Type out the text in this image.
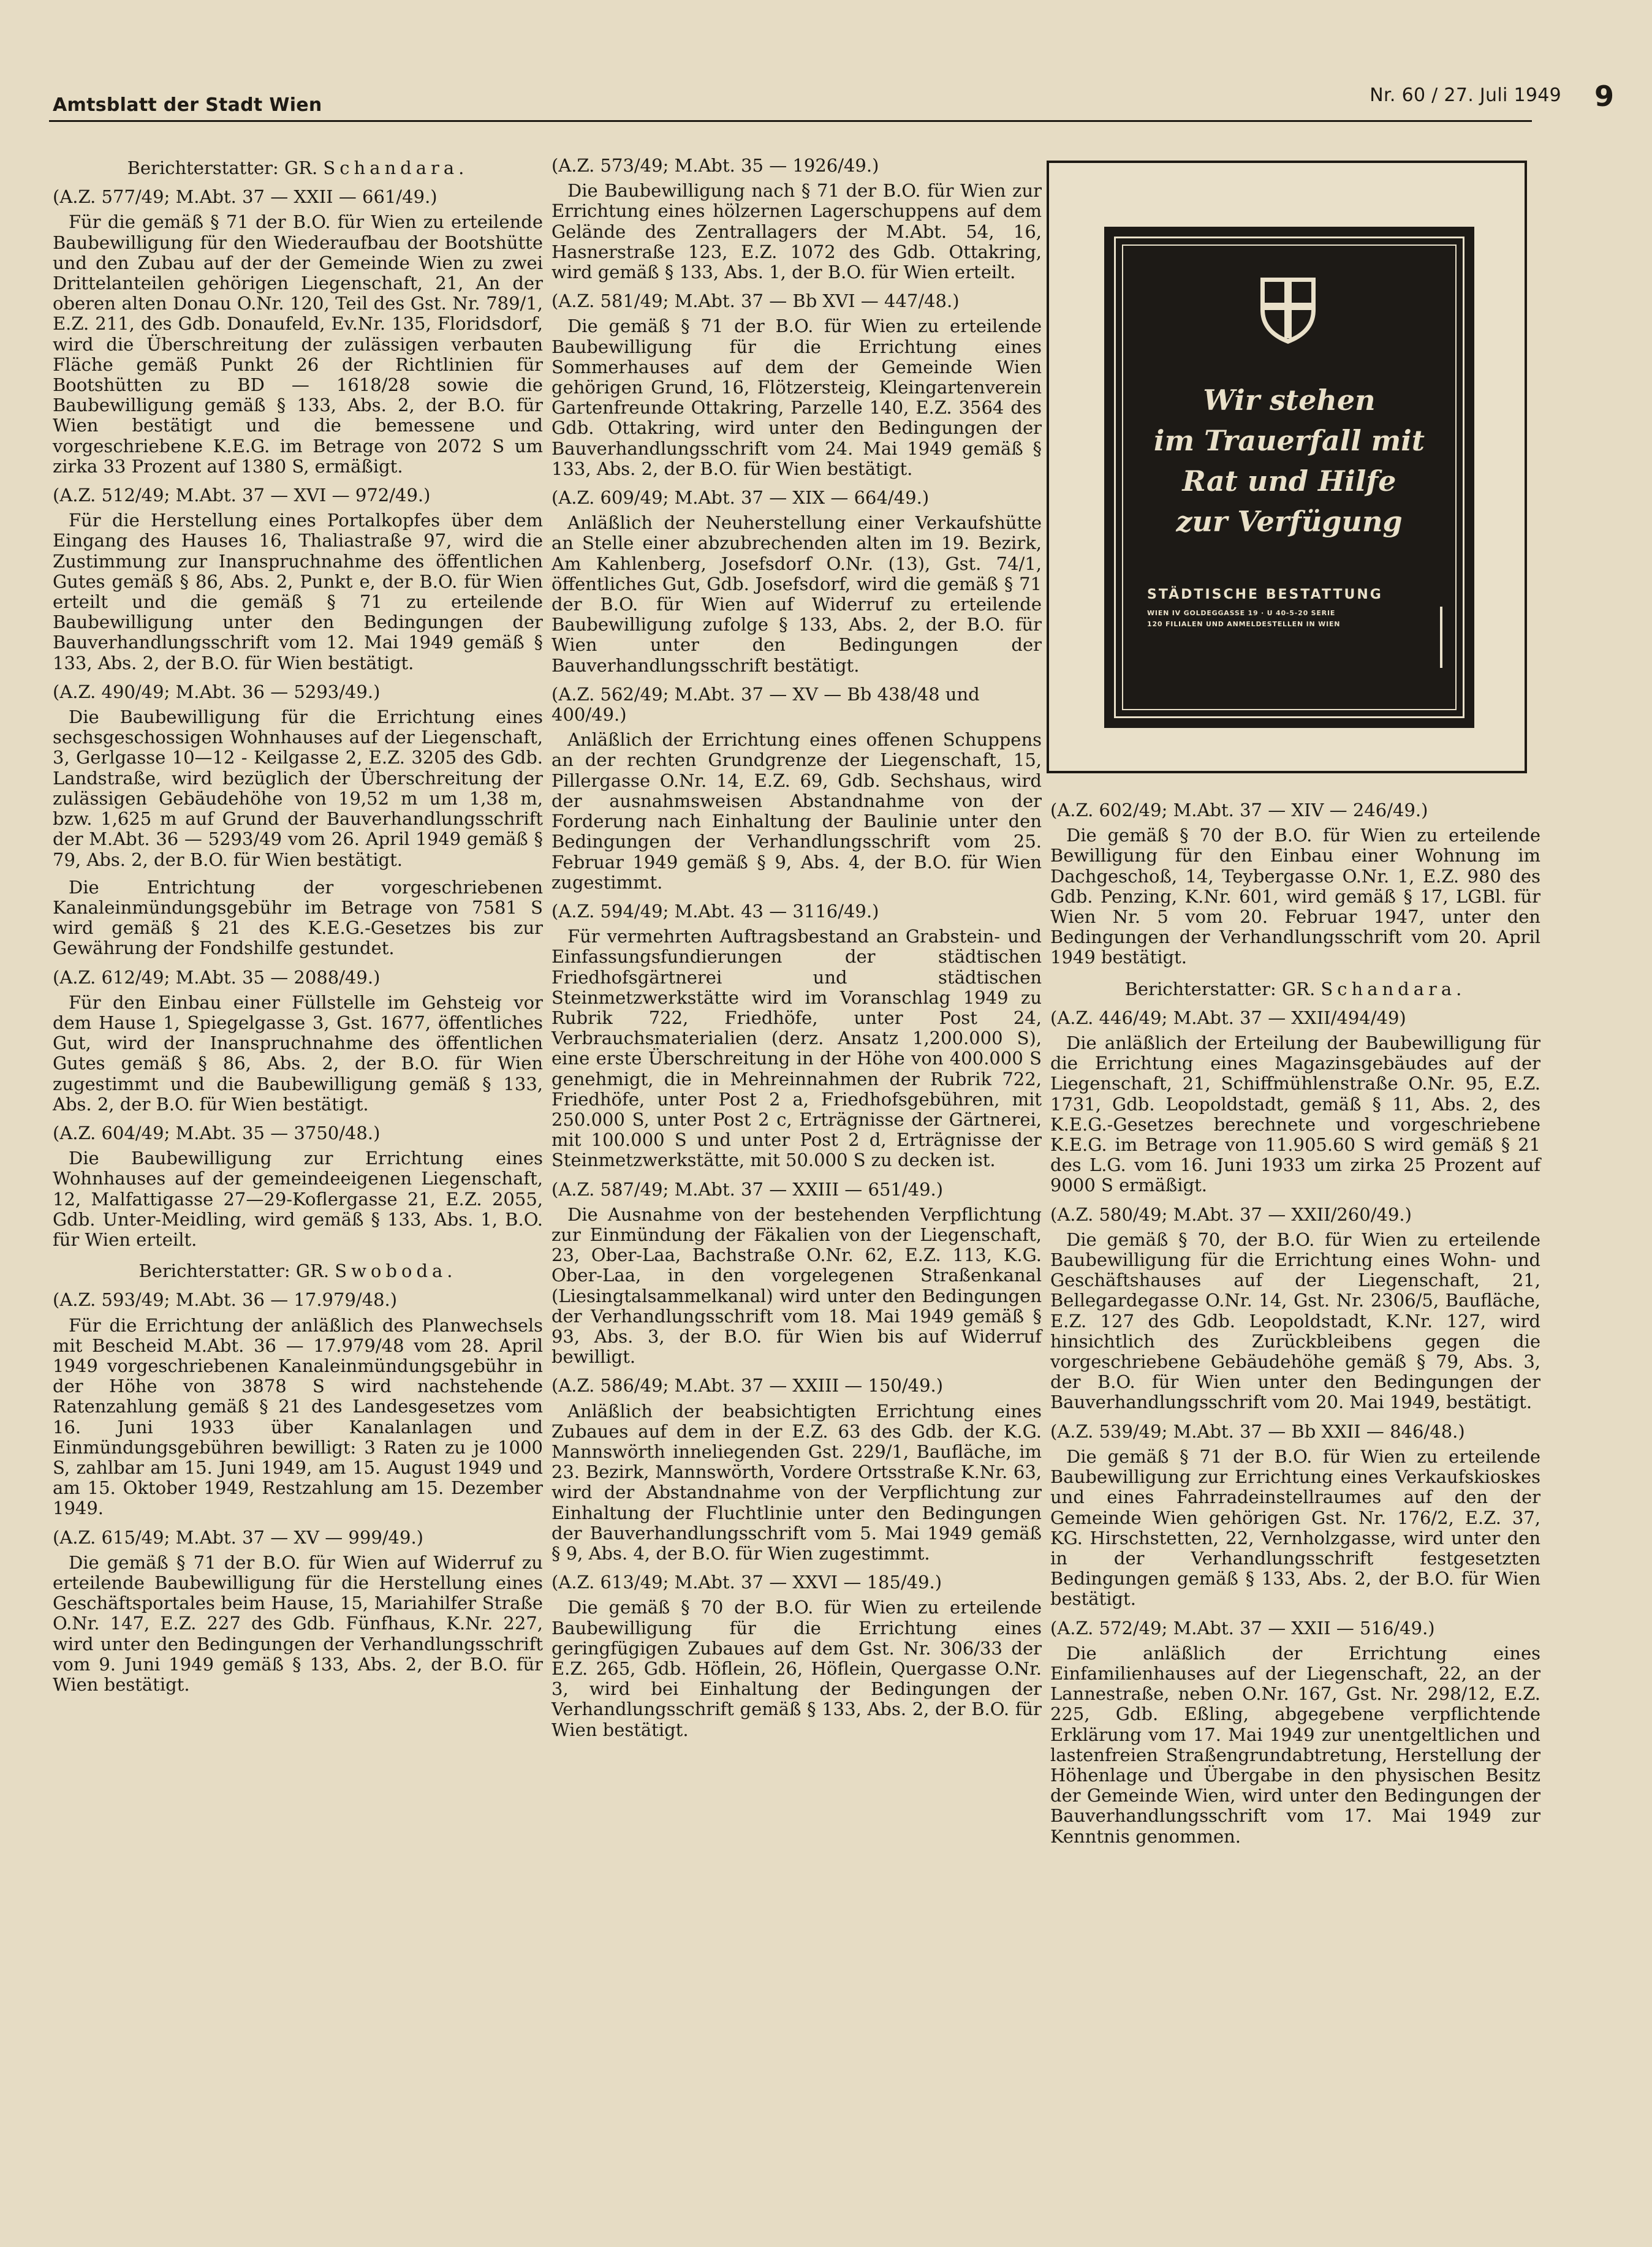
Amtsblatt der Stadt Wien	Nr. 60 / 27. Juli 1949 9

Berichterstatter: GR. Schandara.

(A.Z. 577/49; M.Abt. 37 — XXII — 661/49.)

Für die gemäß § 71 der B.O. für Wien zu erteilende Baubewilligung für den Wiederaufbau der Bootshütte und den Zubau auf der der Gemeinde Wien zu zwei Drittelanteilen gehörigen Liegenschaft, 21, An der oberen alten Donau O.Nr. 120, Teil des Gst. Nr. 789/1, E.Z. 211, des Gdb. Donaufeld, Ev.Nr. 135, Floridsdorf, wird die Überschreitung der zulässigen verbauten Fläche gemäß Punkt 26 der Richtlinien für Bootshütten zu BD — 1618/28 sowie die Baubewilligung gemäß § 133, Abs. 2, der B.O. für Wien bestätigt und die bemessene und vorgeschriebene K.E.G. im Betrage von 2072 S um zirka 33 Prozent auf 1380 S, ermäßigt.

(A.Z. 512/49; M.Abt. 37 — XVI — 972/49.)

Für die Herstellung eines Portalkopfes über dem Eingang des Hauses 16, Thaliastraße 97, wird die Zustimmung zur Inanspruchnahme des öffentlichen Gutes gemäß § 86, Abs. 2, Punkt e, der B.O. für Wien erteilt und die gemäß § 71 zu erteilende Baubewilligung unter den Bedingungen der Bauverhandlungsschrift vom 12. Mai 1949 gemäß § 133, Abs. 2, der B.O. für Wien bestätigt.

(A.Z. 490/49; M.Abt. 36 — 5293/49.)

Die Baubewilligung für die Errichtung eines sechsgeschossigen Wohnhauses auf der Liegenschaft, 3, Gerlgasse 10—12 - Keilgasse 2, E.Z. 3205 des Gdb. Landstraße, wird bezüglich der Überschreitung der zulässigen Gebäudehöhe von 19,52 m um 1,38 m, bzw. 1,625 m auf Grund der Bauverhandlungsschrift der M.Abt. 36 — 5293/49 vom 26. April 1949 gemäß § 79, Abs. 2, der B.O. für Wien bestätigt.

Die Entrichtung der vorgeschriebenen Kanaleinmündungsgebühr im Betrage von 7581 S wird gemäß § 21 des K.E.G.-Gesetzes bis zur Gewährung der Fondshilfe gestundet.

(A.Z. 612/49; M.Abt. 35 — 2088/49.)

Für den Einbau einer Füllstelle im Gehsteig vor dem Hause 1, Spiegelgasse 3, Gst. 1677, öffentliches Gut, wird der Inanspruchnahme des öffentlichen Gutes gemäß § 86, Abs. 2, der B.O. für Wien zugestimmt und die Baubewilligung gemäß § 133, Abs. 2, der B.O. für Wien bestätigt.

(A.Z. 604/49; M.Abt. 35 — 3750/48.)

Die Baubewilligung zur Errichtung eines Wohnhauses auf der gemeindeeigenen Liegenschaft, 12, Malfattigasse 27—29-Koflergasse 21, E.Z. 2055, Gdb. Unter-Meidling, wird gemäß § 133, Abs. 1, B.O. für Wien erteilt.

Berichterstatter: GR. Swoboda.

(A.Z. 593/49; M.Abt. 36 — 17.979/48.)

Für die Errichtung der anläßlich des Planwechsels mit Bescheid M.Abt. 36 — 17.979/48 vom 28. April 1949 vorgeschriebenen Kanaleinmündungsgebühr in der Höhe von 3878 S wird nachstehende Ratenzahlung gemäß § 21 des Landesgesetzes vom 16. Juni 1933 über Kanalanlagen und Einmündungsgebühren bewilligt: 3 Raten zu je 1000 S, zahlbar am 15. Juni 1949, am 15. August 1949 und am 15. Oktober 1949, Restzahlung am 15. Dezember 1949.

(A.Z. 615/49; M.Abt. 37 — XV — 999/49.)

Die gemäß § 71 der B.O. für Wien auf Widerruf zu erteilende Baubewilligung für die Herstellung eines Geschäftsportales beim Hause, 15, Mariahilfer Straße O.Nr. 147, E.Z. 227 des Gdb. Fünfhaus, K.Nr. 227, wird unter den Bedingungen der Verhandlungsschrift vom 9. Juni 1949 gemäß § 133, Abs. 2, der B.O. für Wien bestätigt.

(A.Z. 573/49; M.Abt. 35 — 1926/49.)

Die Baubewilligung nach § 71 der B.O. für Wien zur Errichtung eines hölzernen Lagerschuppens auf dem Gelände des Zentrallagers der M.Abt. 54, 16, Hasnerstraße 123, E.Z. 1072 des Gdb. Ottakring, wird gemäß § 133, Abs. 1, der B.O. für Wien erteilt.

(A.Z. 581/49; M.Abt. 37 — Bb XVI — 447/48.)

Die gemäß § 71 der B.O. für Wien zu erteilende Baubewilligung für die Errichtung eines Sommerhauses auf dem der Gemeinde Wien gehörigen Grund, 16, Flötzersteig, Kleingartenverein Gartenfreunde Ottakring, Parzelle 140, E.Z. 3564 des Gdb. Ottakring, wird unter den Bedingungen der Bauverhandlungsschrift vom 24. Mai 1949 gemäß § 133, Abs. 2, der B.O. für Wien bestätigt.

(A.Z. 609/49; M.Abt. 37 — XIX — 664/49.)

Anläßlich der Neuherstellung einer Verkaufshütte an Stelle einer abzubrechenden alten im 19. Bezirk, Am Kahlenberg, Josefsdorf O.Nr. (13), Gst. 74/1, öffentliches Gut, Gdb. Josefsdorf, wird die gemäß § 71 der B.O. für Wien auf Widerruf zu erteilende Baubewilligung zufolge § 133, Abs. 2, der B.O. für Wien unter den Bedingungen der Bauverhandlungsschrift bestätigt.

(A.Z. 562/49; M.Abt. 37 — XV — Bb 438/48 und 400/49.)

Anläßlich der Errichtung eines offenen Schuppens an der rechten Grundgrenze der Liegenschaft, 15, Pillergasse O.Nr. 14, E.Z. 69, Gdb. Sechshaus, wird der ausnahmsweisen Abstandnahme von der Forderung nach Einhaltung der Baulinie unter den Bedingungen der Verhandlungsschrift vom 25. Februar 1949 gemäß § 9, Abs. 4, der B.O. für Wien zugestimmt.

(A.Z. 594/49; M.Abt. 43 — 3116/49.)

Für vermehrten Auftragsbestand an Grabstein- und Einfassungsfundierungen der städtischen Friedhofsgärtnerei und städtischen Steinmetzwerkstätte wird im Voranschlag 1949 zu Rubrik 722, Friedhöfe, unter Post 24, Verbrauchsmaterialien (derz. Ansatz 1,200.000 S), eine erste Überschreitung in der Höhe von 400.000 S genehmigt, die in Mehreinnahmen der Rubrik 722, Friedhöfe, unter Post 2 a, Friedhofsgebühren, mit 250.000 S, unter Post 2 c, Erträgnisse der Gärtnerei, mit 100.000 S und unter Post 2 d, Erträgnisse der Steinmetzwerkstätte, mit 50.000 S zu decken ist.

(A.Z. 587/49; M.Abt. 37 — XXIII — 651/49.)

Die Ausnahme von der bestehenden Verpflichtung zur Einmündung der Fäkalien von der Liegenschaft, 23, Ober-Laa, Bachstraße O.Nr. 62, E.Z. 113, K.G. Ober-Laa, in den vorgelegenen Straßenkanal (Liesingtalsammelkanal) wird unter den Bedingungen der Verhandlungsschrift vom 18. Mai 1949 gemäß § 93, Abs. 3, der B.O. für Wien bis auf Widerruf bewilligt.

(A.Z. 586/49; M.Abt. 37 — XXIII — 150/49.)

Anläßlich der beabsichtigten Errichtung eines Zubaues auf dem in der E.Z. 63 des Gdb. der K.G. Mannswörth inneliegenden Gst. 229/1, Baufläche, im 23. Bezirk, Mannswörth, Vordere Ortsstraße K.Nr. 63, wird der Abstandnahme von der Verpflichtung zur Einhaltung der Fluchtlinie unter den Bedingungen der Bauverhandlungsschrift vom 5. Mai 1949 gemäß § 9, Abs. 4, der B.O. für Wien zugestimmt.

(A.Z. 613/49; M.Abt. 37 — XXVI — 185/49.)

Die gemäß § 70 der B.O. für Wien zu erteilende Baubewilligung für die Errichtung eines geringfügigen Zubaues auf dem Gst. Nr. 306/33 der E.Z. 265, Gdb. Höflein, 26, Höflein, Quergasse O.Nr. 3, wird bei Einhaltung der Bedingungen der Verhandlungsschrift gemäß § 133, Abs. 2, der B.O. für Wien bestätigt.

Wir stehen
im Trauerfall mit
Rat und Hilfe
zur Verfügung
STÄDTISCHE BESTATTUNG
WIEN IV GOLDEGGASSE 19 · U 40-5-20 SERIE
120 FILIALEN UND ANMELDESTELLEN IN WIEN

(A.Z. 602/49; M.Abt. 37 — XIV — 246/49.)

Die gemäß § 70 der B.O. für Wien zu erteilende Bewilligung für den Einbau einer Wohnung im Dachgeschoß, 14, Teybergasse O.Nr. 1, E.Z. 980 des Gdb. Penzing, K.Nr. 601, wird gemäß § 17, LGBl. für Wien Nr. 5 vom 20. Februar 1947, unter den Bedingungen der Verhandlungsschrift vom 20. April 1949 bestätigt.

Berichterstatter: GR. Schandara.

(A.Z. 446/49; M.Abt. 37 — XXII/494/49)

Die anläßlich der Erteilung der Baubewilligung für die Errichtung eines Magazinsgebäudes auf der Liegenschaft, 21, Schiffmühlenstraße O.Nr. 95, E.Z. 1731, Gdb. Leopoldstadt, gemäß § 11, Abs. 2, des K.E.G.-Gesetzes berechnete und vorgeschriebene K.E.G. im Betrage von 11.905.60 S wird gemäß § 21 des L.G. vom 16. Juni 1933 um zirka 25 Prozent auf 9000 S ermäßigt.

(A.Z. 580/49; M.Abt. 37 — XXII/260/49.)

Die gemäß § 70, der B.O. für Wien zu erteilende Baubewilligung für die Errichtung eines Wohn- und Geschäftshauses auf der Liegenschaft, 21, Bellegardegasse O.Nr. 14, Gst. Nr. 2306/5, Baufläche, E.Z. 127 des Gdb. Leopoldstadt, K.Nr. 127, wird hinsichtlich des Zurückbleibens gegen die vorgeschriebene Gebäudehöhe gemäß § 79, Abs. 3, der B.O. für Wien unter den Bedingungen der Bauverhandlungsschrift vom 20. Mai 1949, bestätigt.

(A.Z. 539/49; M.Abt. 37 — Bb XXII — 846/48.)

Die gemäß § 71 der B.O. für Wien zu erteilende Baubewilligung zur Errichtung eines Verkaufskioskes und eines Fahrradeinstellraumes auf den der Gemeinde Wien gehörigen Gst. Nr. 176/2, E.Z. 37, KG. Hirschstetten, 22, Vernholzgasse, wird unter den in der Verhandlungsschrift festgesetzten Bedingungen gemäß § 133, Abs. 2, der B.O. für Wien bestätigt.

(A.Z. 572/49; M.Abt. 37 — XXII — 516/49.)

Die anläßlich der Errichtung eines Einfamilienhauses auf der Liegenschaft, 22, an der Lannestraße, neben O.Nr. 167, Gst. Nr. 298/12, E.Z. 225, Gdb. Eßling, abgegebene verpflichtende Erklärung vom 17. Mai 1949 zur unentgeltlichen und lastenfreien Straßengrundabtretung, Herstellung der Höhenlage und Übergabe in den physischen Besitz der Gemeinde Wien, wird unter den Bedingungen der Bauverhandlungsschrift vom 17. Mai 1949 zur Kenntnis genommen.
